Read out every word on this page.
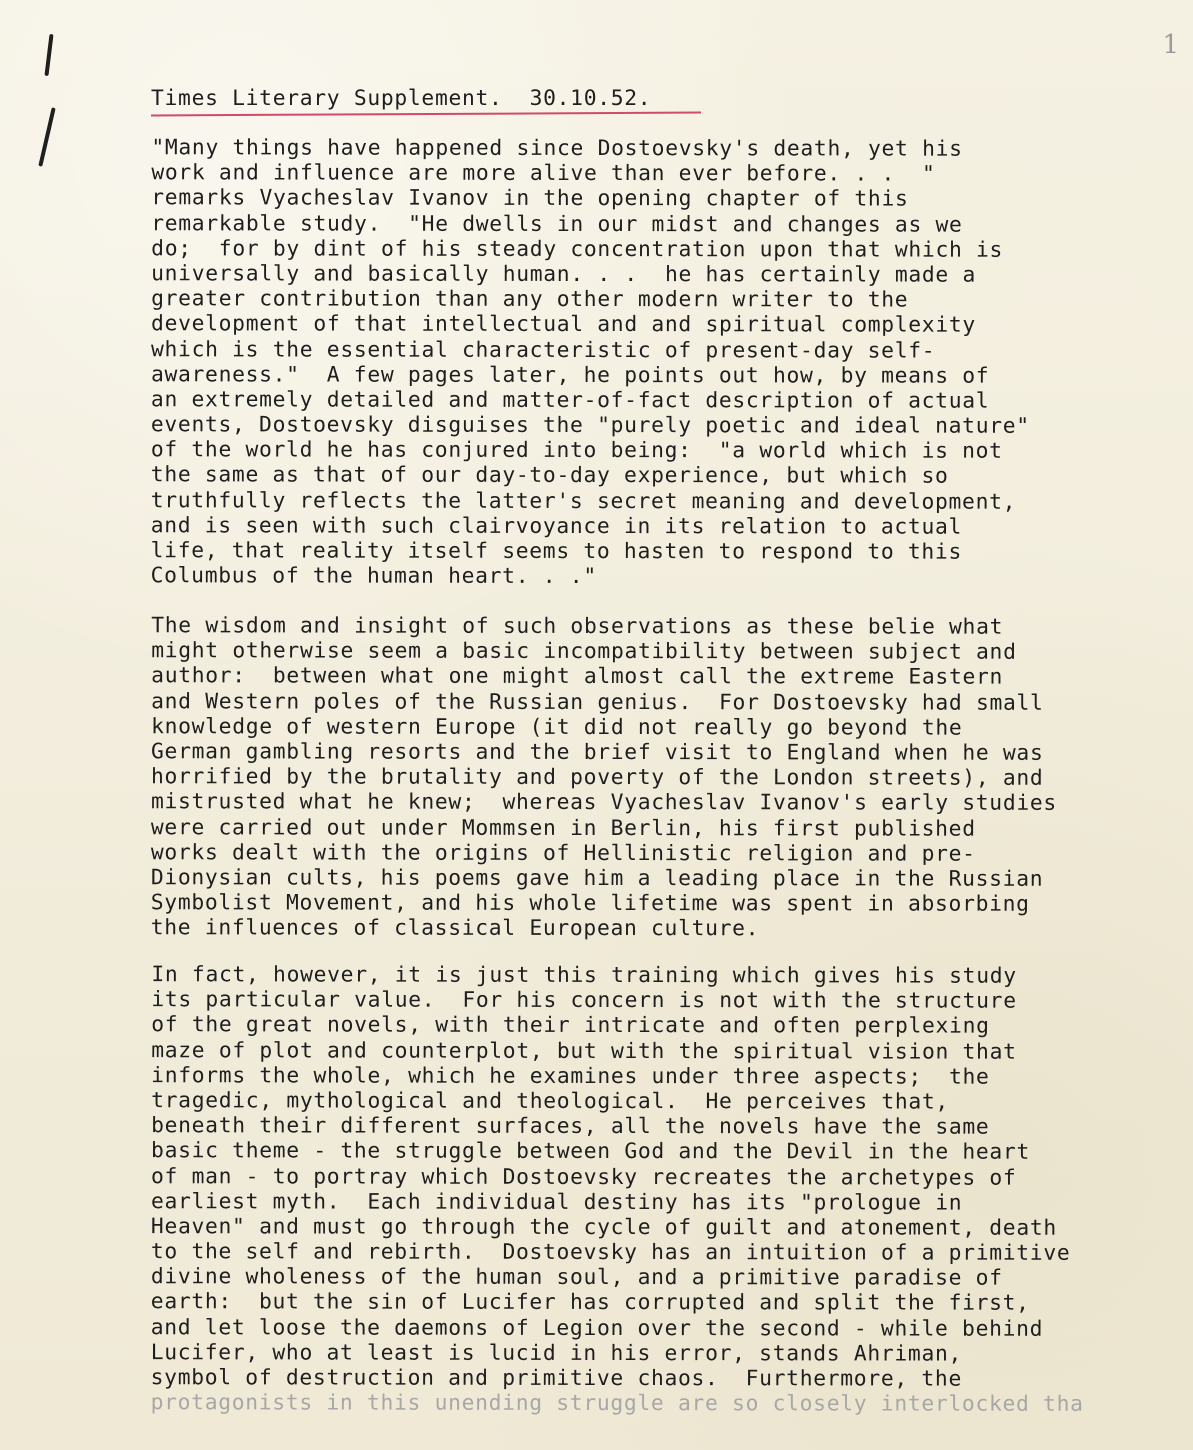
1
Times Literary Supplement.  30.10.52.
"Many things have happened since Dostoevsky's death, yet his
work and influence are more alive than ever before. . .  "
remarks Vyacheslav Ivanov in the opening chapter of this
remarkable study.  "He dwells in our midst and changes as we
do;  for by dint of his steady concentration upon that which is
universally and basically human. . .  he has certainly made a
greater contribution than any other modern writer to the
development of that intellectual and and spiritual complexity
which is the essential characteristic of present-day self-
awareness."  A few pages later, he points out how, by means of
an extremely detailed and matter-of-fact description of actual
events, Dostoevsky disguises the "purely poetic and ideal nature"
of the world he has conjured into being:  "a world which is not
the same as that of our day-to-day experience, but which so
truthfully reflects the latter's secret meaning and development,
and is seen with such clairvoyance in its relation to actual
life, that reality itself seems to hasten to respond to this
Columbus of the human heart. . ."
The wisdom and insight of such observations as these belie what
might otherwise seem a basic incompatibility between subject and
author:  between what one might almost call the extreme Eastern
and Western poles of the Russian genius.  For Dostoevsky had small
knowledge of western Europe (it did not really go beyond the
German gambling resorts and the brief visit to England when he was
horrified by the brutality and poverty of the London streets), and
mistrusted what he knew;  whereas Vyacheslav Ivanov's early studies
were carried out under Mommsen in Berlin, his first published
works dealt with the origins of Hellinistic religion and pre-
Dionysian cults, his poems gave him a leading place in the Russian
Symbolist Movement, and his whole lifetime was spent in absorbing
the influences of classical European culture.
In fact, however, it is just this training which gives his study
its particular value.  For his concern is not with the structure
of the great novels, with their intricate and often perplexing
maze of plot and counterplot, but with the spiritual vision that
informs the whole, which he examines under three aspects;  the
tragedic, mythological and theological.  He perceives that,
beneath their different surfaces, all the novels have the same
basic theme - the struggle between God and the Devil in the heart
of man - to portray which Dostoevsky recreates the archetypes of
earliest myth.  Each individual destiny has its "prologue in
Heaven" and must go through the cycle of guilt and atonement, death
to the self and rebirth.  Dostoevsky has an intuition of a primitive
divine wholeness of the human soul, and a primitive paradise of
earth:  but the sin of Lucifer has corrupted and split the first,
and let loose the daemons of Legion over the second - while behind
Lucifer, who at least is lucid in his error, stands Ahriman,
symbol of destruction and primitive chaos.  Furthermore, the
protagonists in this unending struggle are so closely interlocked tha
